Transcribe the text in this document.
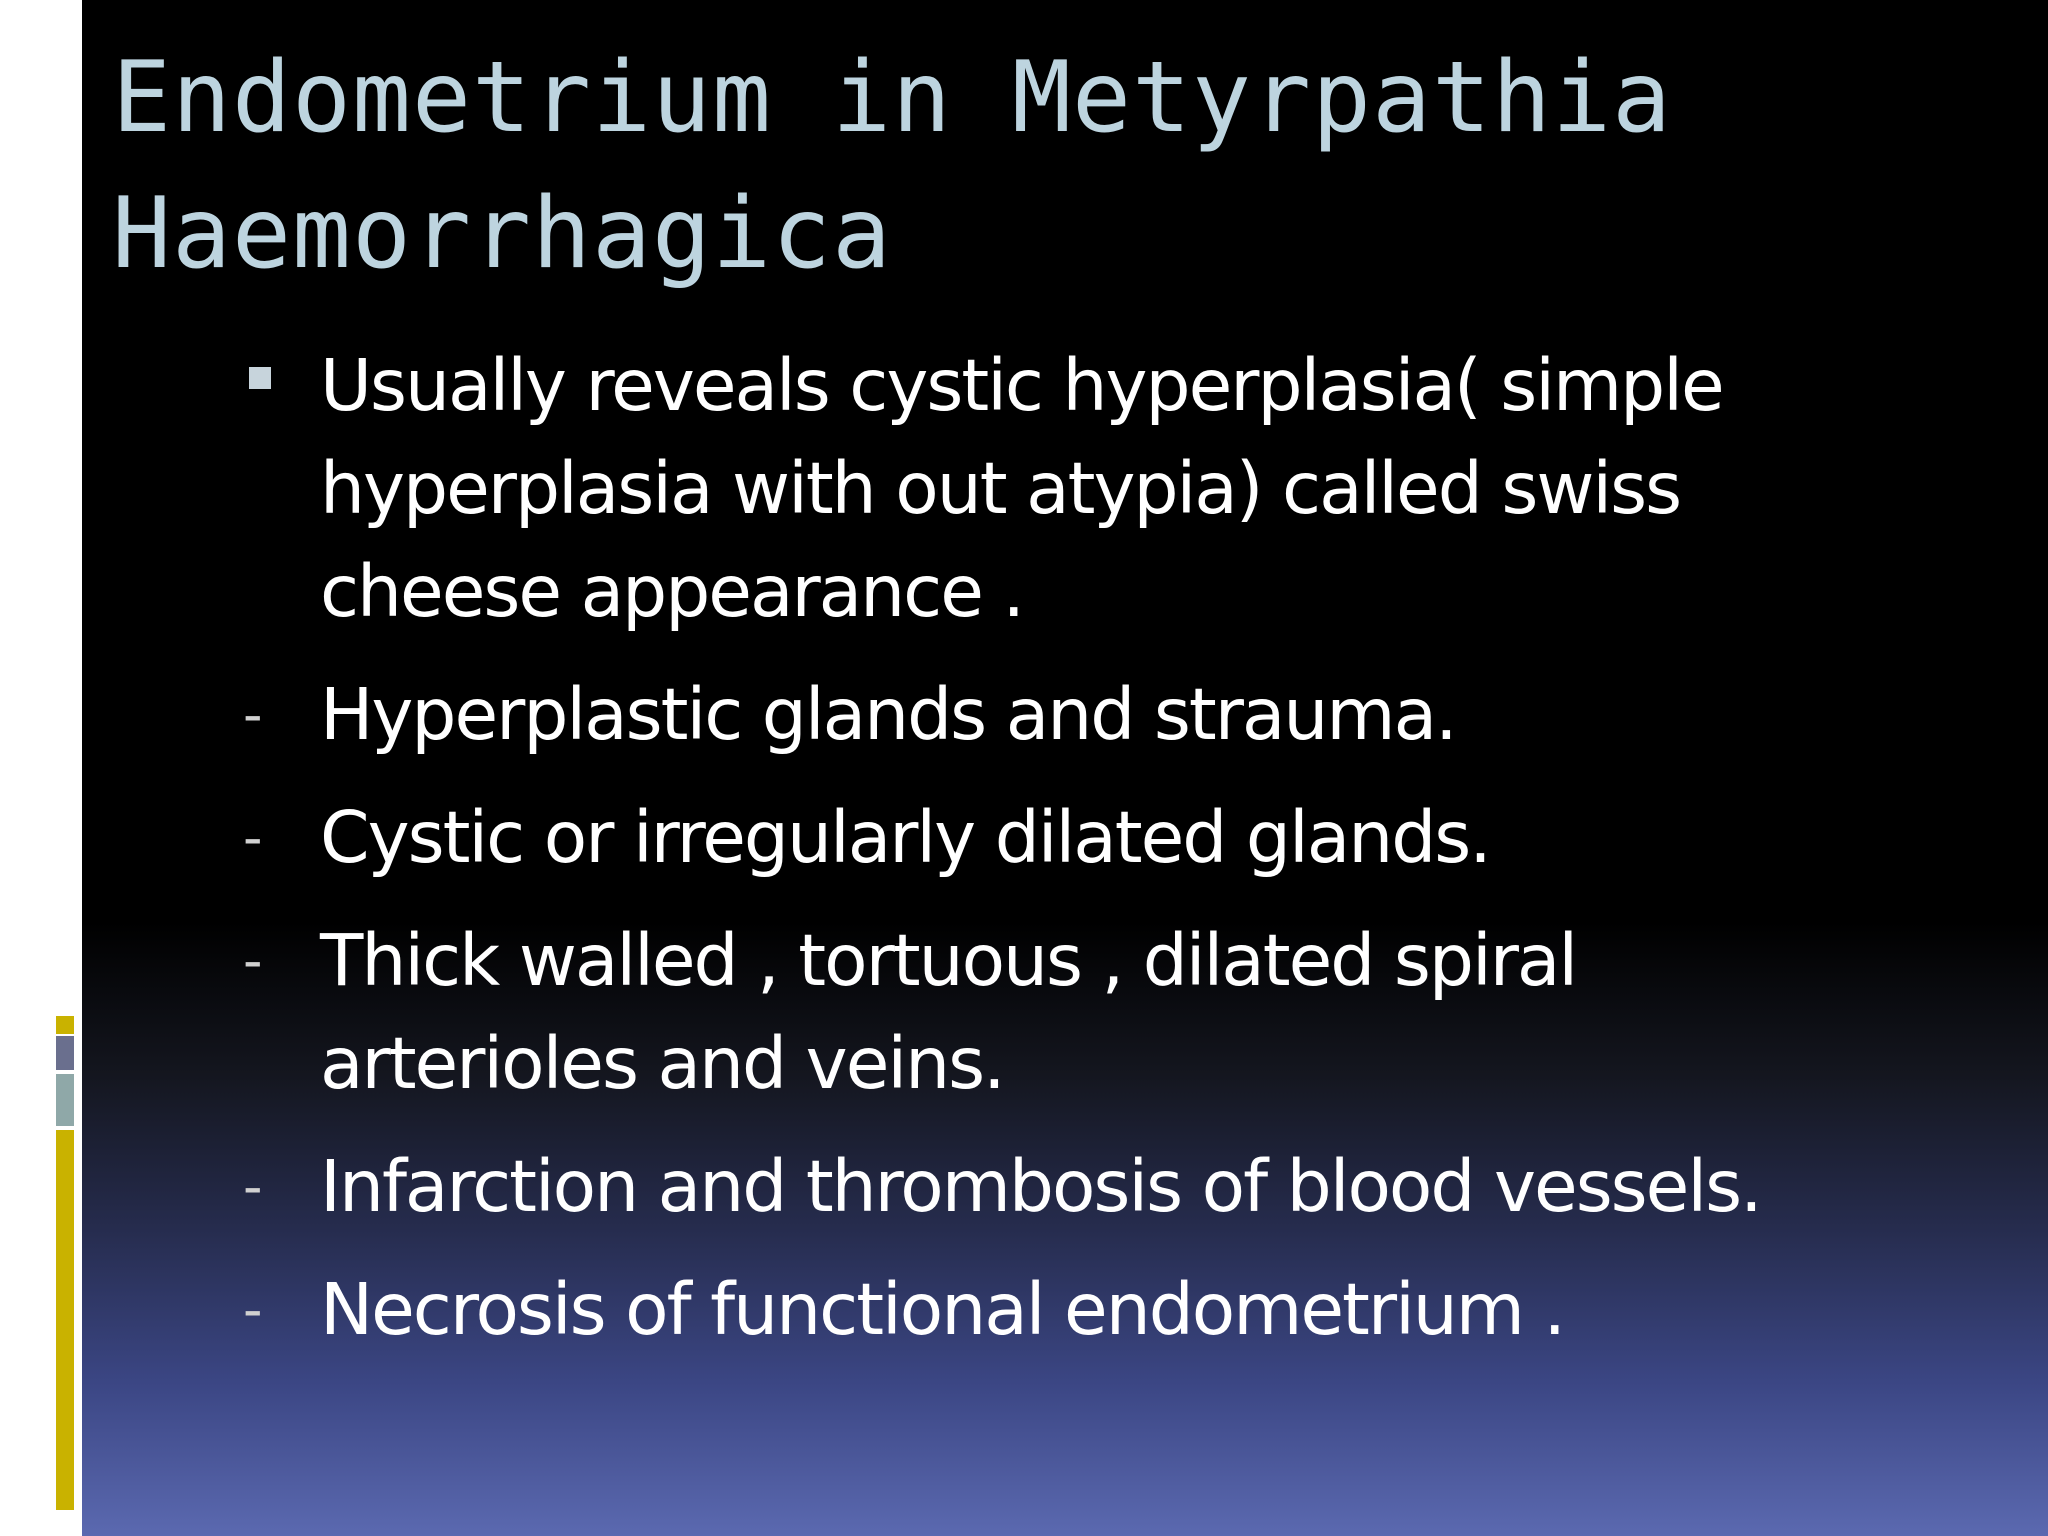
Endometrium in Metyrpathia
Haemorrhagica
Usually reveals cystic hyperplasia( simple
hyperplasia with out atypia) called swiss
cheese appearance .
- Hyperplastic glands and strauma.
- Cystic or irregularly dilated glands.
- Thick walled , tortuous , dilated spiral
arterioles and veins.
- Infarction and thrombosis of blood vessels.
- Necrosis of functional endometrium .
